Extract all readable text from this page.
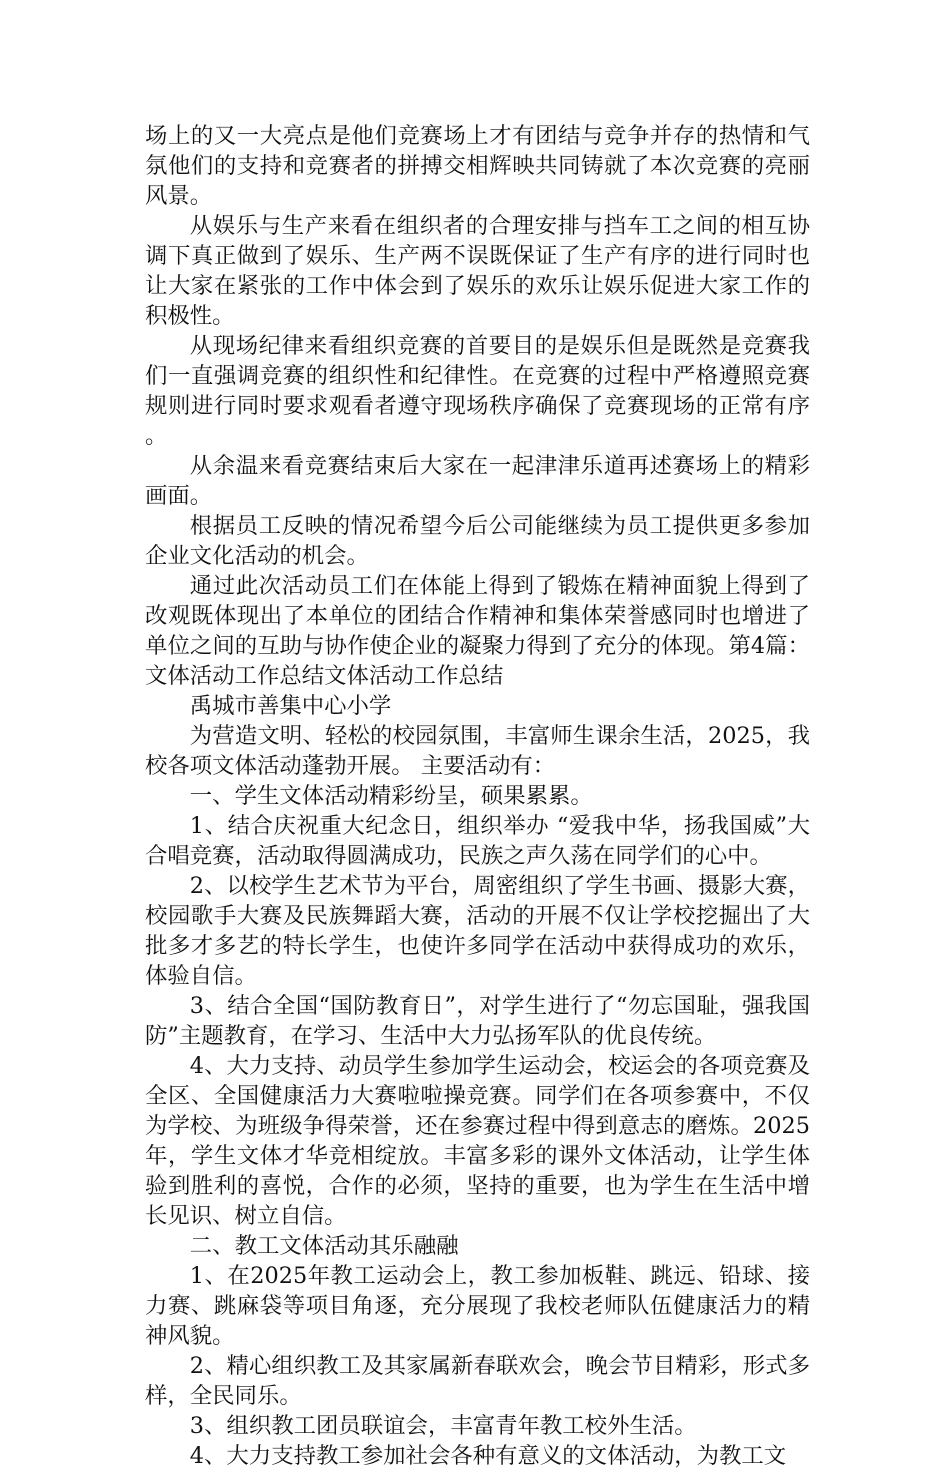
场上的又一大亮点是他们竞赛场上才有团结与竞争并存的热情和气氛他们的支持和竞赛者的拼搏交相辉映共同铸就了本次竞赛的亮丽风景。

从娱乐与生产来看在组织者的合理安排与挡车工之间的相互协调下真正做到了娱乐、生产两不误既保证了生产有序的进行同时也让大家在紧张的工作中体会到了娱乐的欢乐让娱乐促进大家工作的积极性。

从现场纪律来看组织竞赛的首要目的是娱乐但是既然是竞赛我们一直强调竞赛的组织性和纪律性。在竞赛的过程中严格遵照竞赛规则进行同时要求观看者遵守现场秩序确保了竞赛现场的正常有序。

从余温来看竞赛结束后大家在一起津津乐道再述赛场上的精彩画面。

根据员工反映的情况希望今后公司能继续为员工提供更多参加企业文化活动的机会。

通过此次活动员工们在体能上得到了锻炼在精神面貌上得到了改观既体现出了本单位的团结合作精神和集体荣誉感同时也增进了单位之间的互助与协作使企业的凝聚力得到了充分的体现。第4篇：文体活动工作总结文体活动工作总结

禹城市善集中心小学

为营造文明、轻松的校园氛围，丰富师生课余生活，2025，我校各项文体活动蓬勃开展。 主要活动有：

一、学生文体活动精彩纷呈，硕果累累。

1、结合庆祝重大纪念日，组织举办 “爱我中华，扬我国威”大合唱竞赛，活动取得圆满成功，民族之声久荡在同学们的心中。

2、以校学生艺术节为平台，周密组织了学生书画、摄影大赛，校园歌手大赛及民族舞蹈大赛，活动的开展不仅让学校挖掘出了大批多才多艺的特长学生，也使许多同学在活动中获得成功的欢乐，体验自信。

3、结合全国“国防教育日”，对学生进行了“勿忘国耻，强我国防”主题教育，在学习、生活中大力弘扬军队的优良传统。

4、大力支持、动员学生参加学生运动会，校运会的各项竞赛及全区、全国健康活力大赛啦啦操竞赛。同学们在各项参赛中，不仅为学校、为班级争得荣誉，还在参赛过程中得到意志的磨炼。2025年，学生文体才华竞相绽放。丰富多彩的课外文体活动，让学生体验到胜利的喜悦，合作的必须，坚持的重要，也为学生在生活中增长见识、树立自信。

二、教工文体活动其乐融融

1、在2025年教工运动会上，教工参加板鞋、跳远、铅球、接力赛、跳麻袋等项目角逐，充分展现了我校老师队伍健康活力的精神风貌。

2、精心组织教工及其家属新春联欢会，晚会节目精彩，形式多样，全民同乐。

3、组织教工团员联谊会，丰富青年教工校外生活。

4、大力支持教工参加社会各种有意义的文体活动，为教工文
